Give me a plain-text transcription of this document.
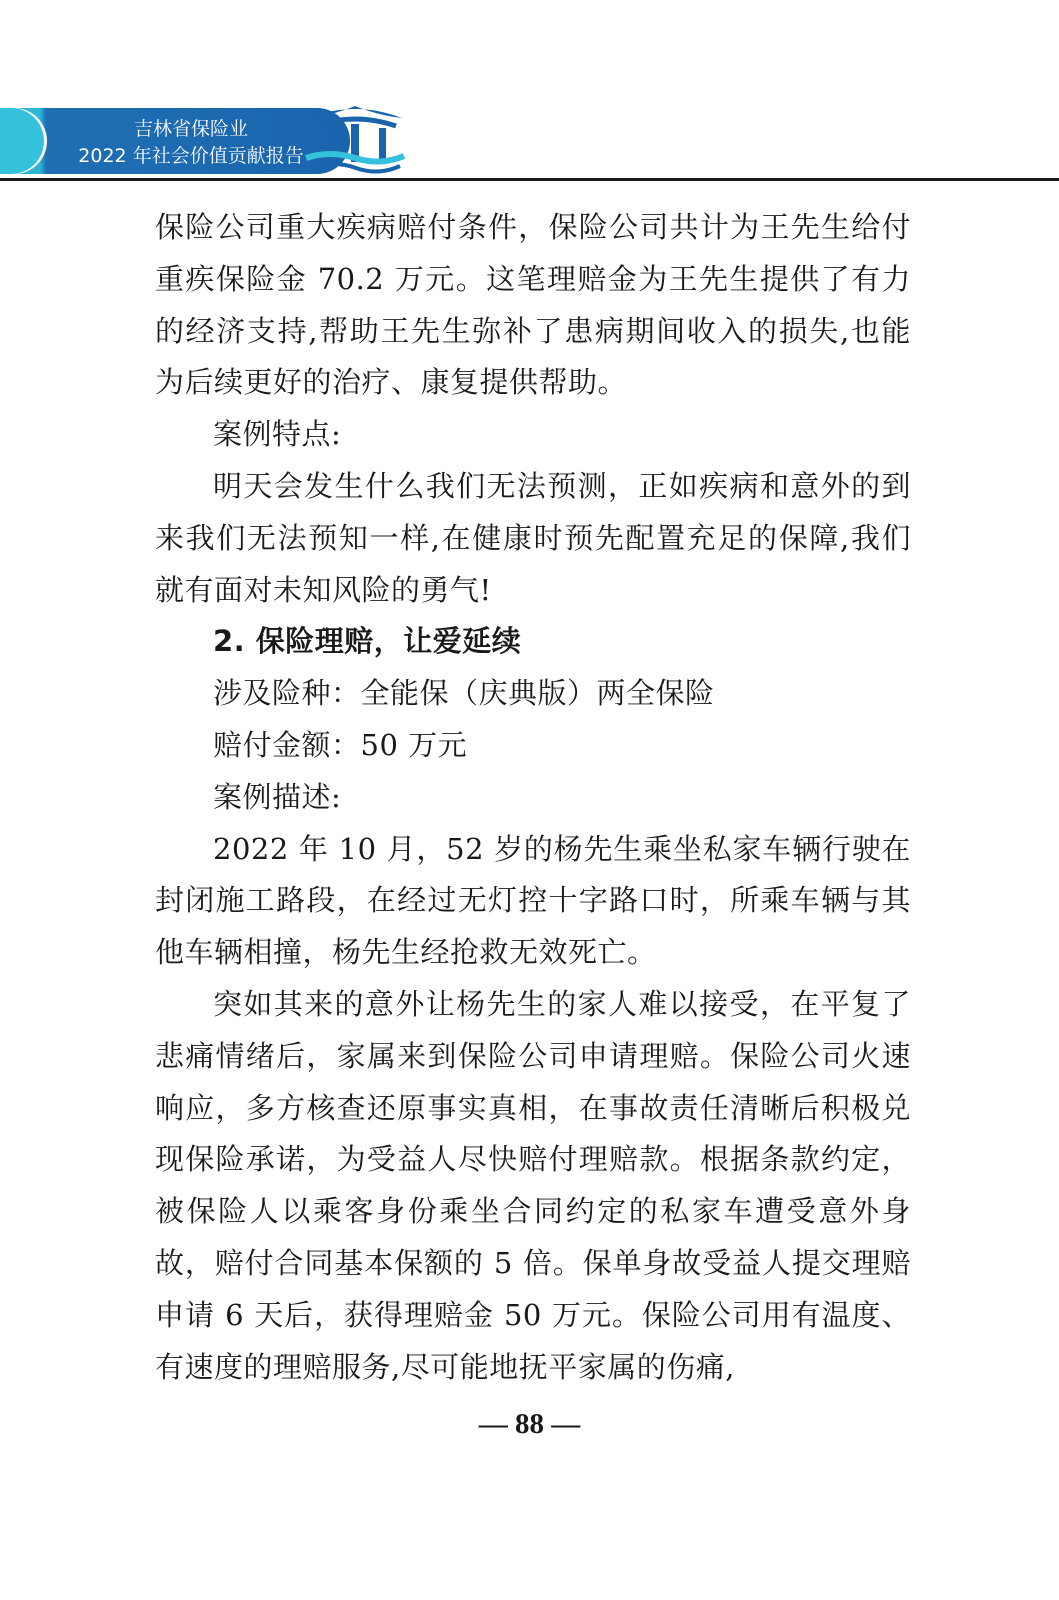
吉林省保险业
2022 年社会价值贡献报告

保险公司重大疾病赔付条件，保险公司共计为王先生给付重疾保险金 70.2 万元。这笔理赔金为王先生提供了有力的经济支持,帮助王先生弥补了患病期间收入的损失,也能为后续更好的治疗、康复提供帮助。

案例特点:

明天会发生什么我们无法预测，正如疾病和意外的到来我们无法预知一样,在健康时预先配置充足的保障,我们就有面对未知风险的勇气!

2. 保险理赔，让爱延续

涉及险种：全能保（庆典版）两全保险

赔付金额：50 万元

案例描述:

2022 年 10 月，52 岁的杨先生乘坐私家车辆行驶在封闭施工路段，在经过无灯控十字路口时，所乘车辆与其他车辆相撞，杨先生经抢救无效死亡。

突如其来的意外让杨先生的家人难以接受，在平复了悲痛情绪后，家属来到保险公司申请理赔。保险公司火速响应，多方核查还原事实真相，在事故责任清晰后积极兑现保险承诺，为受益人尽快赔付理赔款。根据条款约定，被保险人以乘客身份乘坐合同约定的私家车遭受意外身故，赔付合同基本保额的 5 倍。保单身故受益人提交理赔申请 6 天后，获得理赔金 50 万元。保险公司用有温度、有速度的理赔服务,尽可能地抚平家属的伤痛,

— 88 —
